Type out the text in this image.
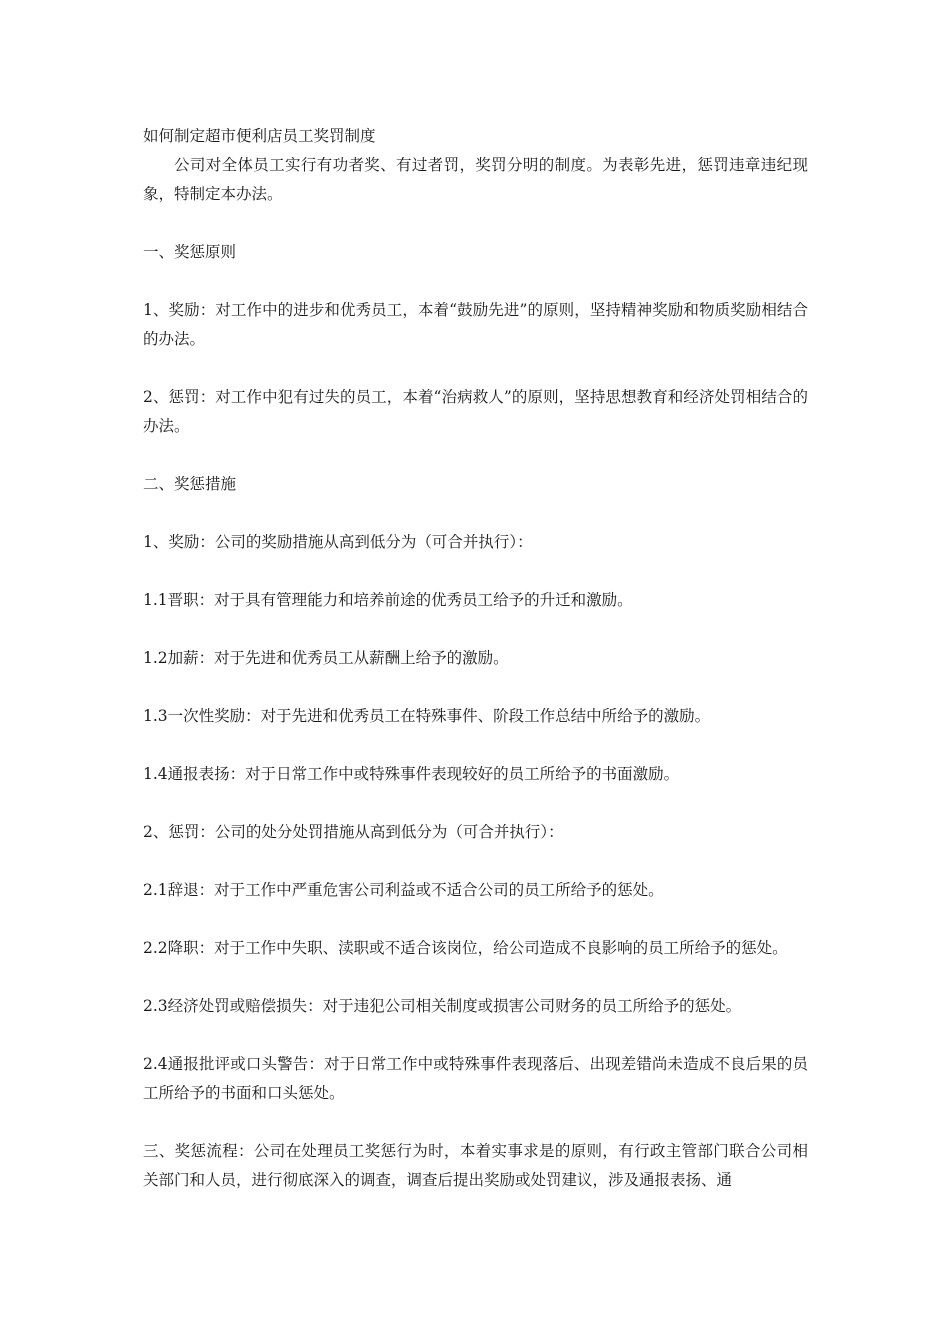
如何制定超市便利店员工奖罚制度

公司对全体员工实行有功者奖、有过者罚，奖罚分明的制度。为表彰先进，惩罚违章违纪现象，特制定本办法。

一、奖惩原则

1、奖励：对工作中的进步和优秀员工，本着“鼓励先进”的原则，坚持精神奖励和物质奖励相结合的办法。

2、惩罚：对工作中犯有过失的员工，本着“治病救人”的原则，坚持思想教育和经济处罚相结合的办法。

二、奖惩措施

1、奖励：公司的奖励措施从高到低分为（可合并执行）：

1.1晋职：对于具有管理能力和培养前途的优秀员工给予的升迁和激励。

1.2加薪：对于先进和优秀员工从薪酬上给予的激励。

1.3一次性奖励：对于先进和优秀员工在特殊事件、阶段工作总结中所给予的激励。

1.4通报表扬：对于日常工作中或特殊事件表现较好的员工所给予的书面激励。

2、惩罚：公司的处分处罚措施从高到低分为（可合并执行）：

2.1辞退：对于工作中严重危害公司利益或不适合公司的员工所给予的惩处。

2.2降职：对于工作中失职、渎职或不适合该岗位，给公司造成不良影响的员工所给予的惩处。

2.3经济处罚或赔偿损失：对于违犯公司相关制度或损害公司财务的员工所给予的惩处。

2.4通报批评或口头警告：对于日常工作中或特殊事件表现落后、出现差错尚未造成不良后果的员工所给予的书面和口头惩处。

三、奖惩流程：公司在处理员工奖惩行为时，本着实事求是的原则，有行政主管部门联合公司相关部门和人员，进行彻底深入的调查，调查后提出奖励或处罚建议，涉及通报表扬、通
